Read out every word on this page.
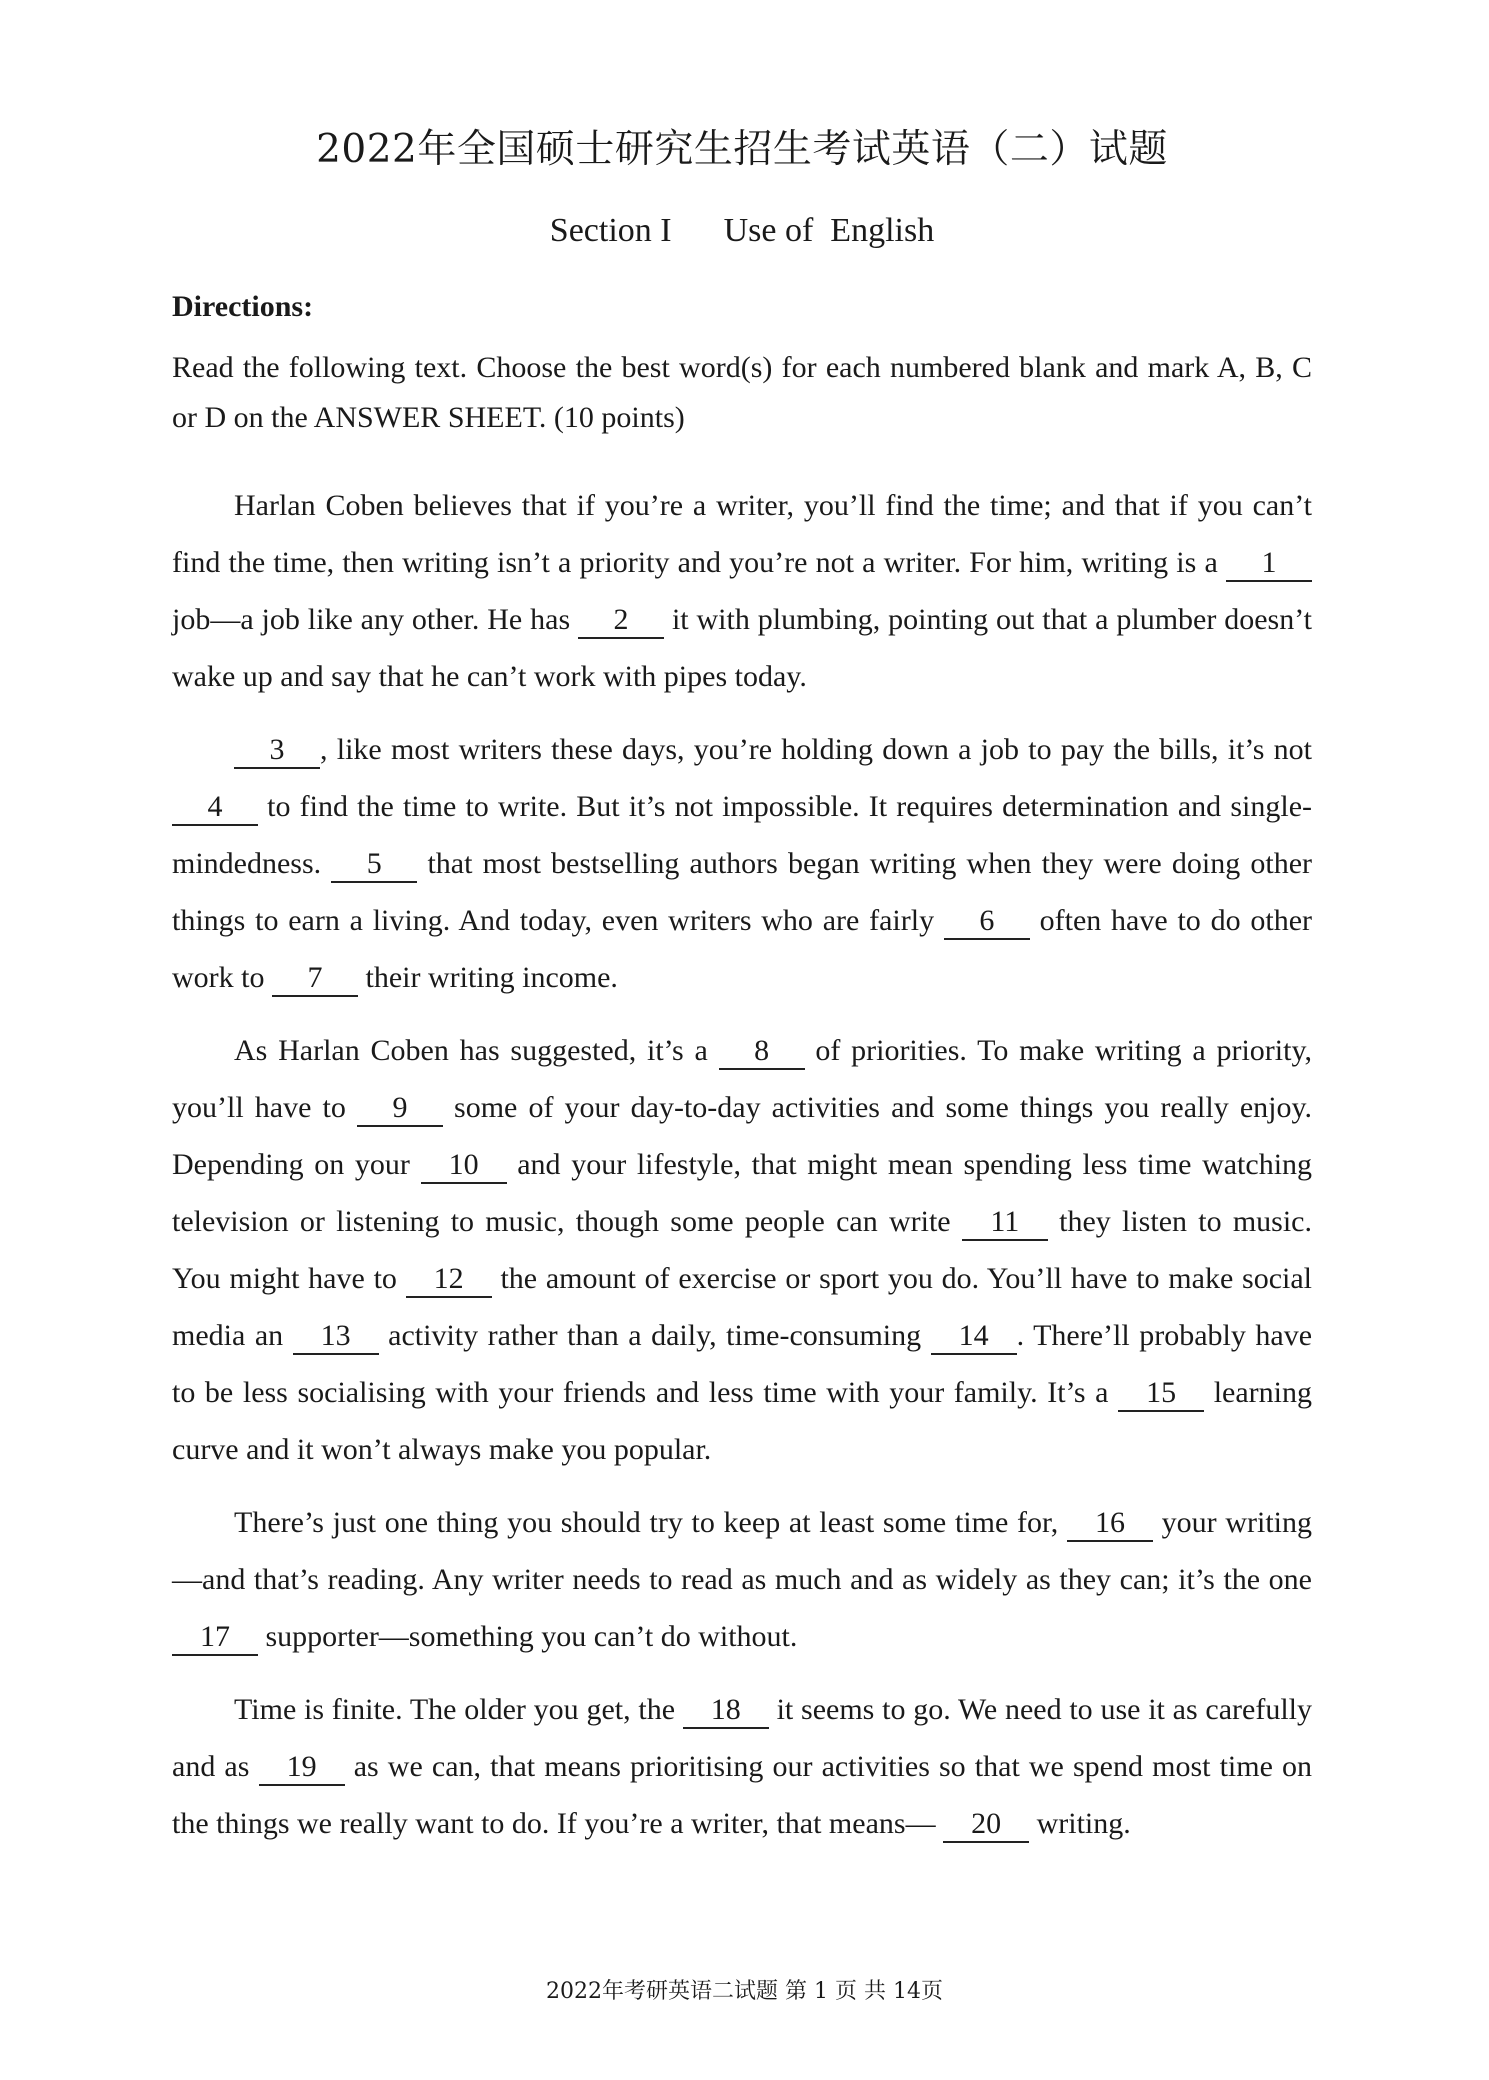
2022年全国硕士研究生招生考试英语（二）试题
Section I Use of  English
Directions:
Read the following text. Choose the best word(s) for each numbered blank and mark A, B, C or D on the ANSWER SHEET. (10 points)

Harlan Coben believes that if you’re a writer, you’ll find the time; and that if you can’t find the time, then writing isn’t a priority and you’re not a writer. For him, writing is a 1 job—a job like any other. He has 2 it with plumbing, pointing out that a plumber doesn’t wake up and say that he can’t work with pipes today.

3 , like most writers these days, you’re holding down a job to pay the bills, it’s not 4 to find the time to write. But it’s not impossible. It requires determination and single-mindedness. 5 that most bestselling authors began writing when they were doing other things to earn a living. And today, even writers who are fairly 6 often have to do other work to 7 their writing income.

As Harlan Coben has suggested, it’s a 8 of priorities. To make writing a priority, you’ll have to 9 some of your day-to-day activities and some things you really enjoy. Depending on your 10 and your lifestyle, that might mean spending less time watching television or listening to music, though some people can write 11 they listen to music. You might have to 12 the amount of exercise or sport you do. You’ll have to make social media an 13 activity rather than a daily, time-consuming 14 . There’ll probably have to be less socialising with your friends and less time with your family. It’s a 15 learning curve and it won’t always make you popular.

There’s just one thing you should try to keep at least some time for, 16 your writing—and that’s reading. Any writer needs to read as much and as widely as they can; it’s the one 17 supporter—something you can’t do without.

Time is finite. The older you get, the 18 it seems to go. We need to use it as carefully and as 19 as we can, that means prioritising our activities so that we spend most time on the things we really want to do. If you’re a writer, that means— 20 writing.

2022年考研英语二试题 第 1 页 共 14页
